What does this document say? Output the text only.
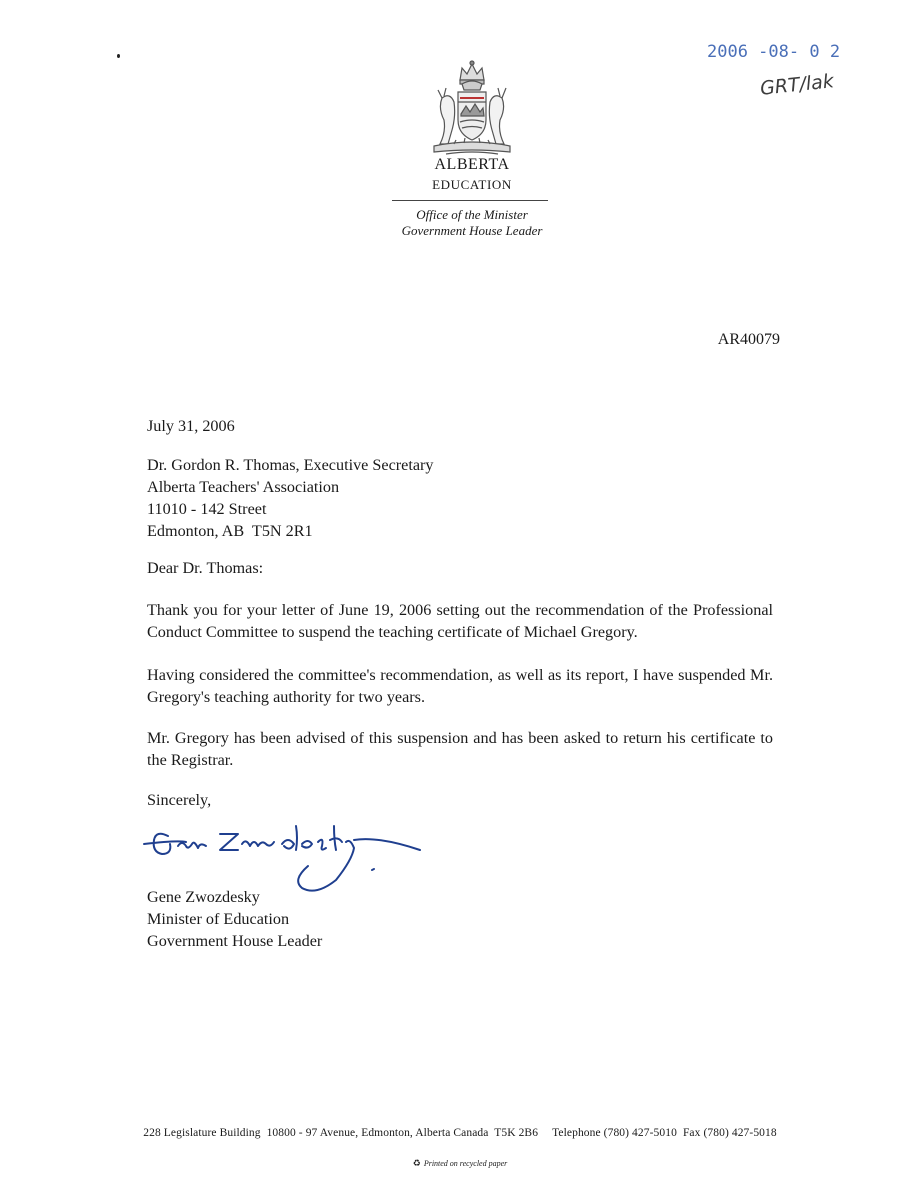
2006 -08- 0 2
GRT/lak
ALBERTA
EDUCATION
Office of the Minister
Government House Leader
AR40079
July 31, 2006
Dr. Gordon R. Thomas, Executive Secretary
Alberta Teachers' Association
11010 - 142 Street
Edmonton, AB  T5N 2R1
Dear Dr. Thomas:
Thank you for your letter of June 19, 2006 setting out the recommendation of the Professional Conduct Committee to suspend the teaching certificate of Michael Gregory.
Having considered the committee's recommendation, as well as its report, I have suspended Mr. Gregory's teaching authority for two years.
Mr. Gregory has been advised of this suspension and has been asked to return his certificate to the Registrar.
Sincerely,
Gene Zwozdesky
Minister of Education
Government House Leader
228 Legislature Building  10800 - 97 Avenue, Edmonton, Alberta Canada  T5K 2B6 Telephone (780) 427-5010 Fax (780) 427-5018
♻ Printed on recycled paper
